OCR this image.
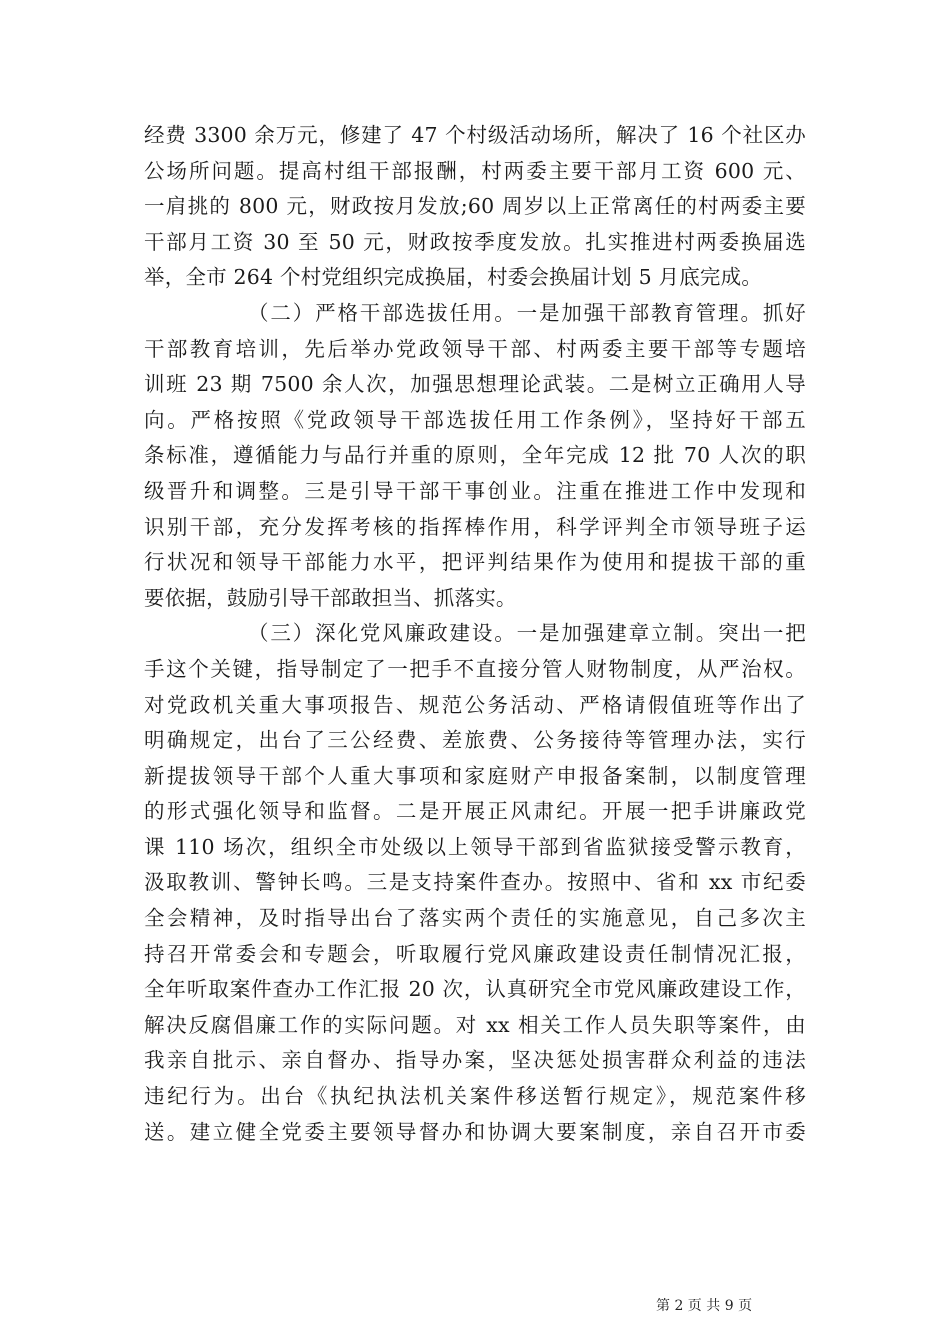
经费 3300 余万元，修建了 47 个村级活动场所，解决了 16 个社区办
公场所问题。提高村组干部报酬，村两委主要干部月工资 600 元、
一肩挑的 800 元，财政按月发放;60 周岁以上正常离任的村两委主要
干部月工资 30 至 50 元，财政按季度发放。扎实推进村两委换届选
举，全市 264 个村党组织完成换届，村委会换届计划 5 月底完成。
（二）严格干部选拔任用。一是加强干部教育管理。抓好
干部教育培训，先后举办党政领导干部、村两委主要干部等专题培
训班 23 期 7500 余人次，加强思想理论武装。二是树立正确用人导
向。严格按照《党政领导干部选拔任用工作条例》，坚持好干部五
条标准，遵循能力与品行并重的原则，全年完成 12 批 70 人次的职
级晋升和调整。三是引导干部干事创业。注重在推进工作中发现和
识别干部，充分发挥考核的指挥棒作用，科学评判全市领导班子运
行状况和领导干部能力水平，把评判结果作为使用和提拔干部的重
要依据，鼓励引导干部敢担当、抓落实。
（三）深化党风廉政建设。一是加强建章立制。突出一把
手这个关键，指导制定了一把手不直接分管人财物制度，从严治权。
对党政机关重大事项报告、规范公务活动、严格请假值班等作出了
明确规定，出台了三公经费、差旅费、公务接待等管理办法，实行
新提拔领导干部个人重大事项和家庭财产申报备案制，以制度管理
的形式强化领导和监督。二是开展正风肃纪。开展一把手讲廉政党
课 110 场次，组织全市处级以上领导干部到省监狱接受警示教育，
汲取教训、警钟长鸣。三是支持案件查办。按照中、省和 xx 市纪委
全会精神，及时指导出台了落实两个责任的实施意见，自己多次主
持召开常委会和专题会，听取履行党风廉政建设责任制情况汇报，
全年听取案件查办工作汇报 20 次，认真研究全市党风廉政建设工作，
解决反腐倡廉工作的实际问题。对 xx 相关工作人员失职等案件，由
我亲自批示、亲自督办、指导办案，坚决惩处损害群众利益的违法
违纪行为。出台《执纪执法机关案件移送暂行规定》，规范案件移
送。建立健全党委主要领导督办和协调大要案制度，亲自召开市委
第 2 页 共 9 页
